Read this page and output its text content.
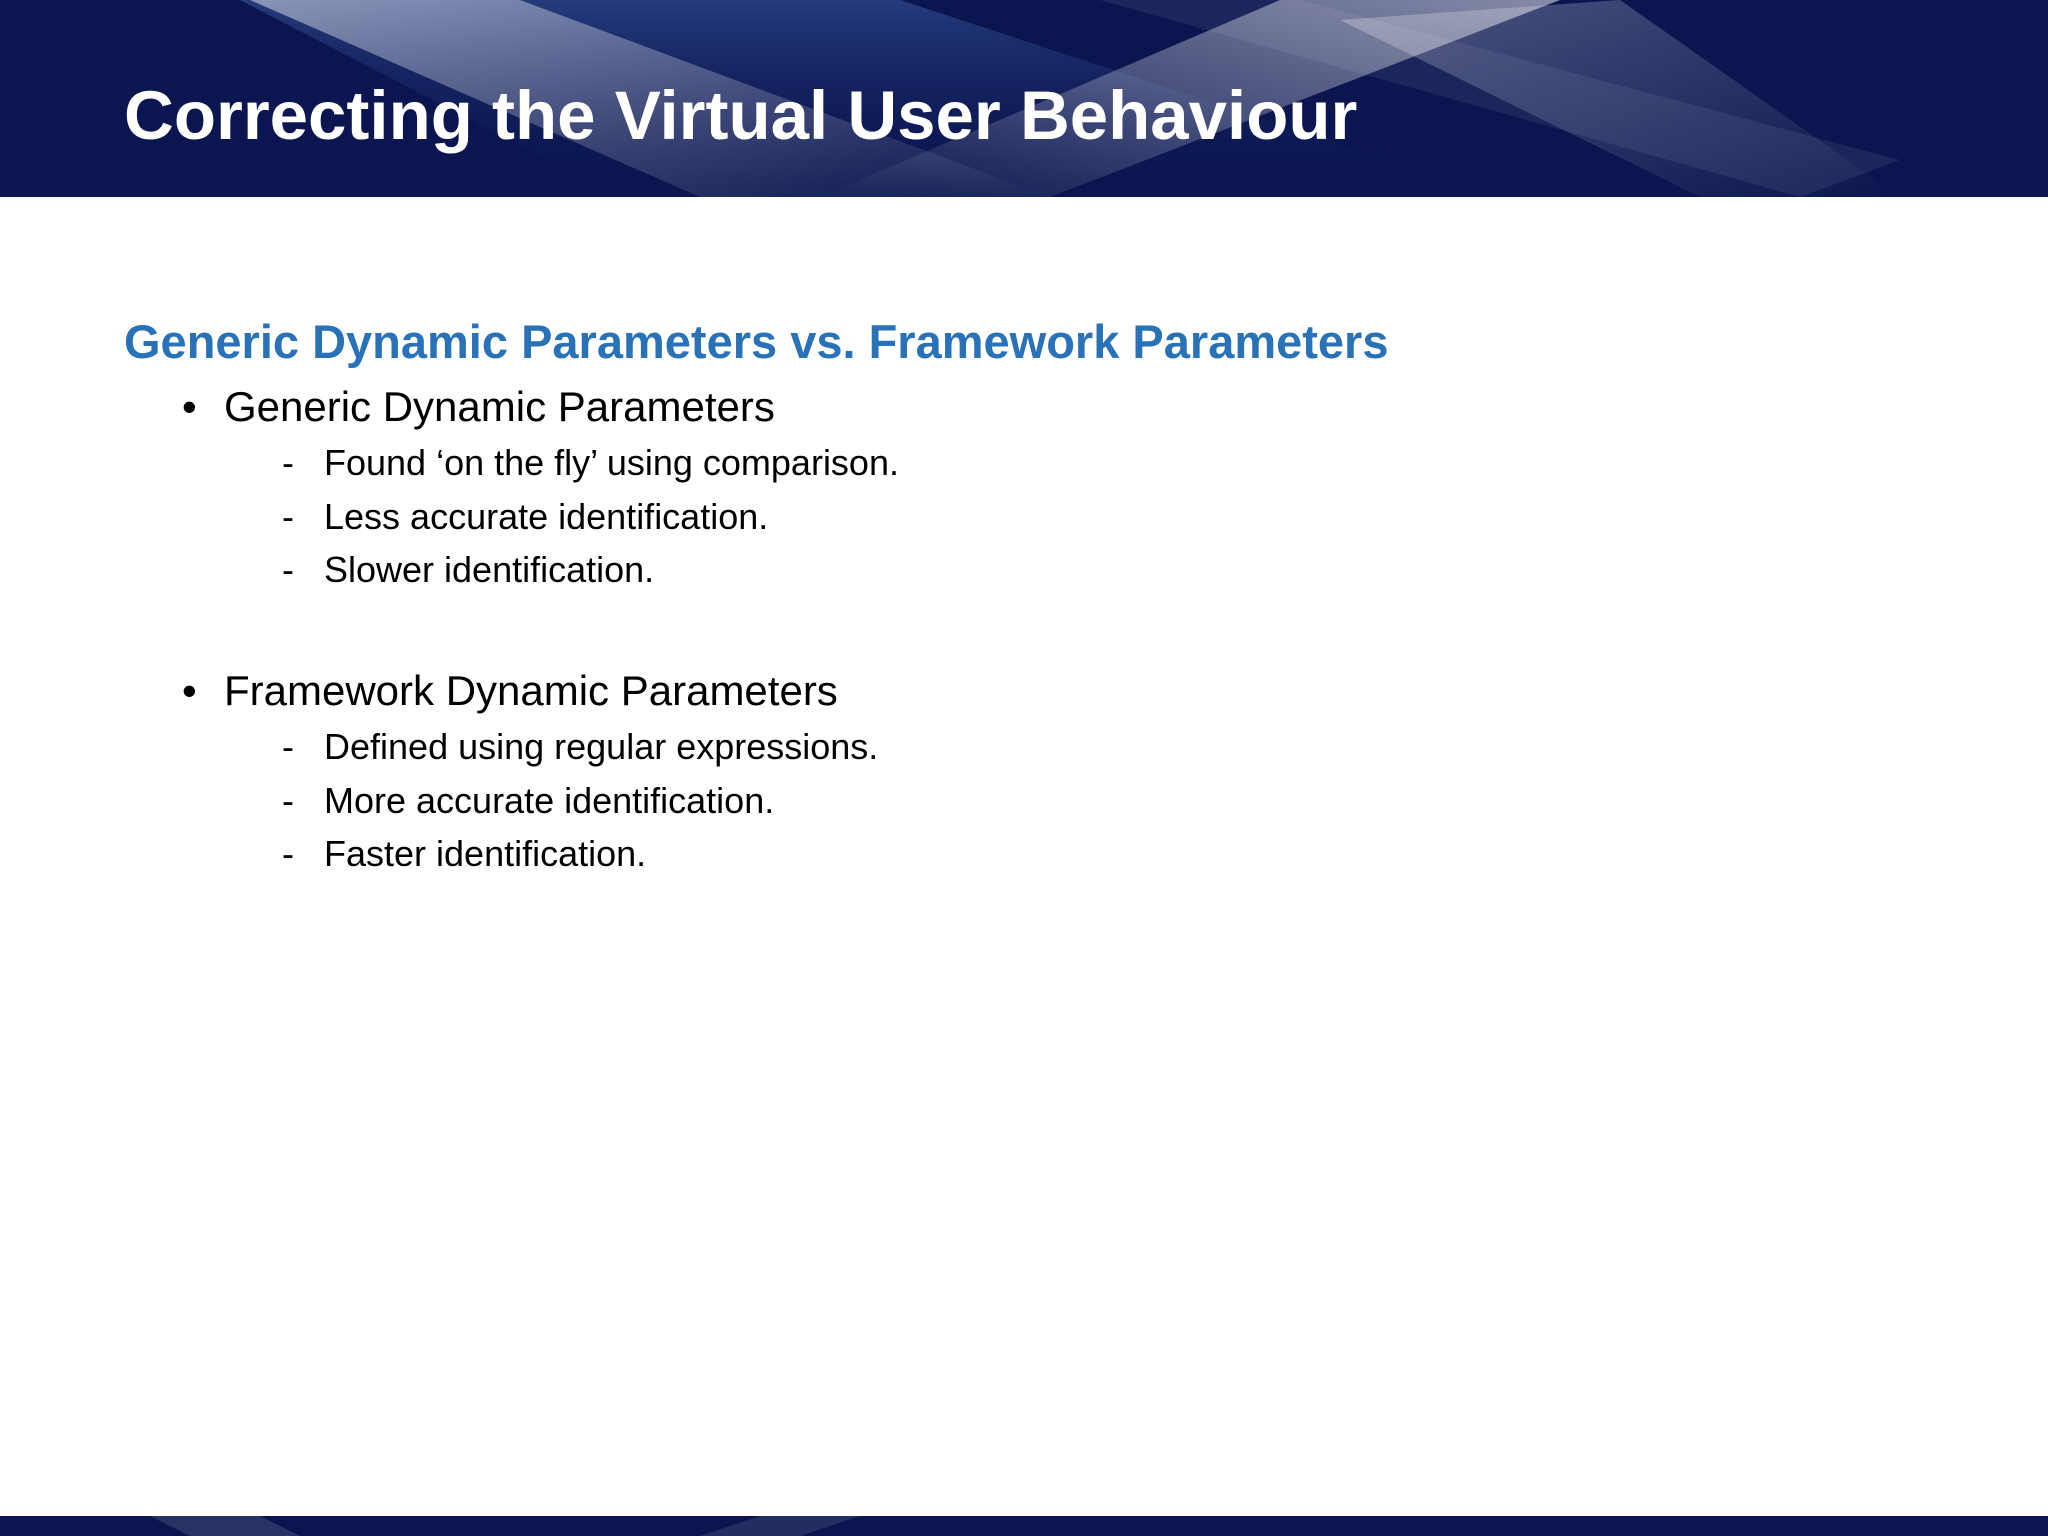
Correcting the Virtual User Behaviour
Generic Dynamic Parameters vs. Framework Parameters
• Generic Dynamic Parameters
- Found ‘on the fly’ using comparison.
- Less accurate identification.
- Slower identification.
• Framework Dynamic Parameters
- Defined using regular expressions.
- More accurate identification.
- Faster identification.
